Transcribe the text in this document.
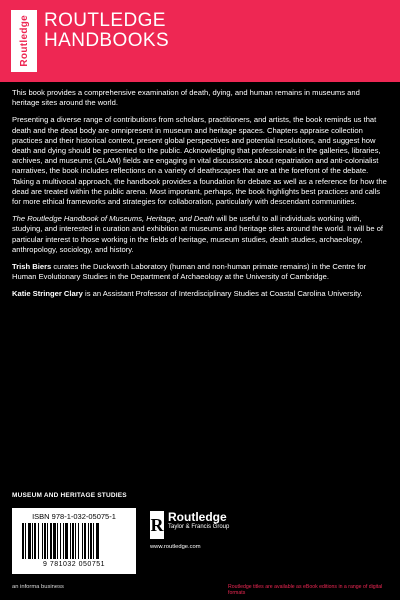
Routledge ROUTLEDGE
HANDBOOKS

This book provides a comprehensive examination of death, dying, and human remains in museums and heritage sites around the world.

Presenting a diverse range of contributions from scholars, practitioners, and artists, the book reminds us that death and the dead body are omnipresent in museum and heritage spaces. Chapters appraise collection practices and their historical context, present global perspectives and potential resolutions, and suggest how death and dying should be presented to the public. Acknowledging that professionals in the galleries, libraries, archives, and museums (GLAM) fields are engaging in vital discussions about repatriation and anti-colonialist narratives, the book includes reflections on a variety of deathscapes that are at the forefront of the debate. Taking a multivocal approach, the handbook provides a foundation for debate as well as a reference for how the dead are treated within the public arena. Most important, perhaps, the book highlights best practices and calls for more ethical frameworks and strategies for collaboration, particularly with descendant communities.

The Routledge Handbook of Museums, Heritage, and Death will be useful to all individuals working with, studying, and interested in curation and exhibition at museums and heritage sites around the world. It will be of particular interest to those working in the fields of heritage, museum studies, death studies, archaeology, anthropology, sociology, and history.

Trish Biers curates the Duckworth Laboratory (human and non-human primate remains) in the Centre for Human Evolutionary Studies in the Department of Archaeology at the University of Cambridge.

Katie Stringer Clary is an Assistant Professor of Interdisciplinary Studies at Coastal Carolina University.

MUSEUM AND HERITAGE STUDIES
ISBN 978-1-032-05075-1
9 781032 050751
R Routledge
Taylor & Francis Group
www.routledge.com
an informa business	Routledge titles are available as eBook editions in a range of digital formats
